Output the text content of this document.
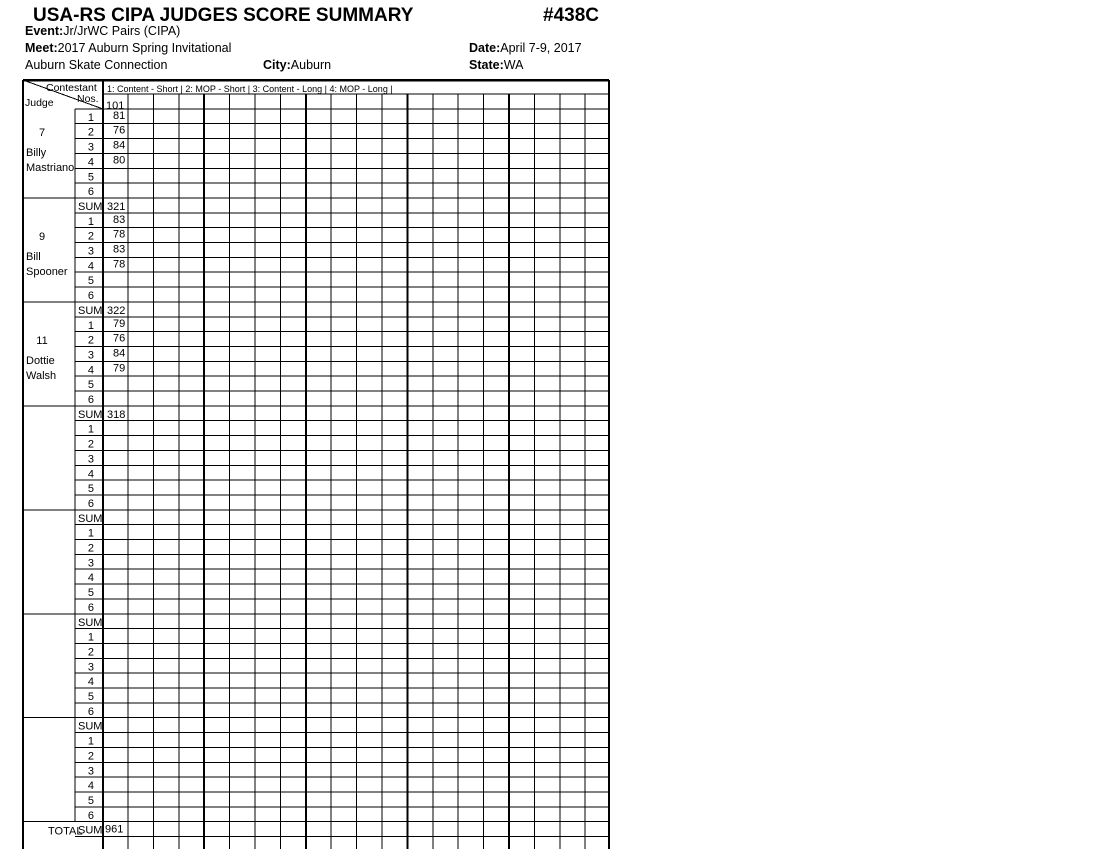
USA-RS CIPA JUDGES SCORE SUMMARY	#438C
Event:Jr/JrWC Pairs (CIPA)
Meet:2017 Auburn Spring Invitational
Auburn Skate Connection	City:Auburn
Date:April 7-9, 2017
State:WA
Contestant
Nos.
Judge
1: Content - Short | 2: MOP - Short | 3: Content - Long | 4: MOP - Long |
101
7
Billy
Mastriano
1 81
2 76
3 84
4 80
5
6
SUM 321
9
Bill
Spooner
1 83
2 78
3 83
4 78
5
6
SUM 322
11
Dottie
Walsh
1 79
2 76
3 84
4 79
5
6
SUM 318
1
2
3
4
5
6
SUM
1
2
3
4
5
6
SUM
1
2
3
4
5
6
SUM
1
2
3
4
5
6
SUM
TOTAL 961
